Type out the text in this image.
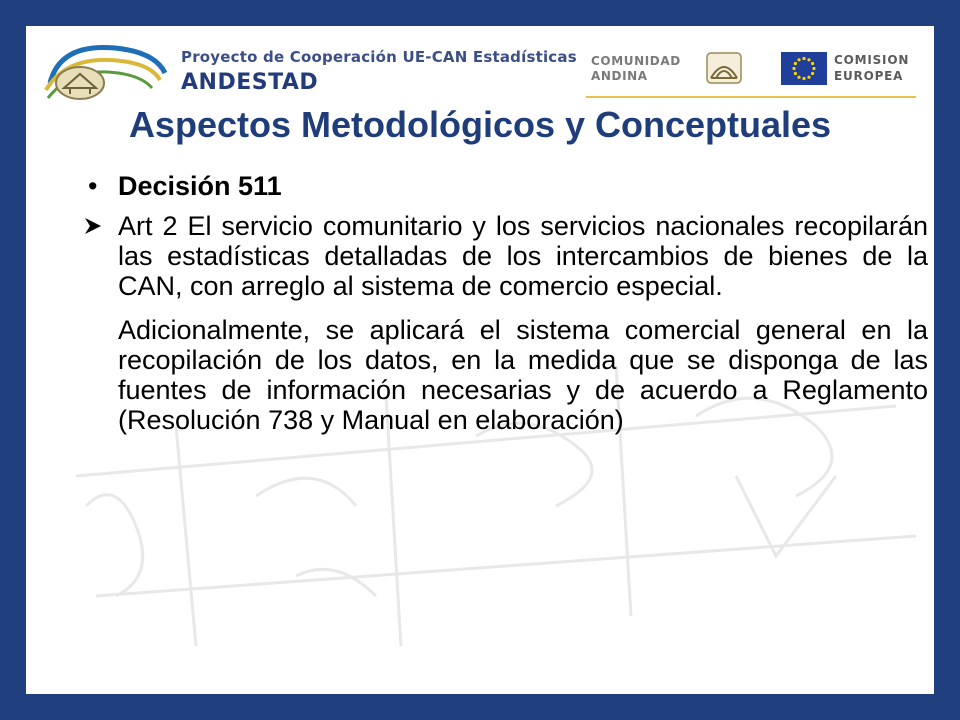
Proyecto de Cooperación UE-CAN Estadísticas
ANDESTAD
COMUNIDAD
ANDINA
COMISION
EUROPEA
Aspectos Metodológicos y Conceptuales
• Decisión 511

Art 2 El servicio comunitario y los servicios nacionales recopilarán las estadísticas detalladas de los intercambios de bienes de la CAN, con arreglo al sistema de comercio especial.

Adicionalmente, se aplicará el sistema comercial general en la recopilación de los datos, en la medida que se disponga de las fuentes de información necesarias y de acuerdo a Reglamento (Resolución 738 y Manual en elaboración)
